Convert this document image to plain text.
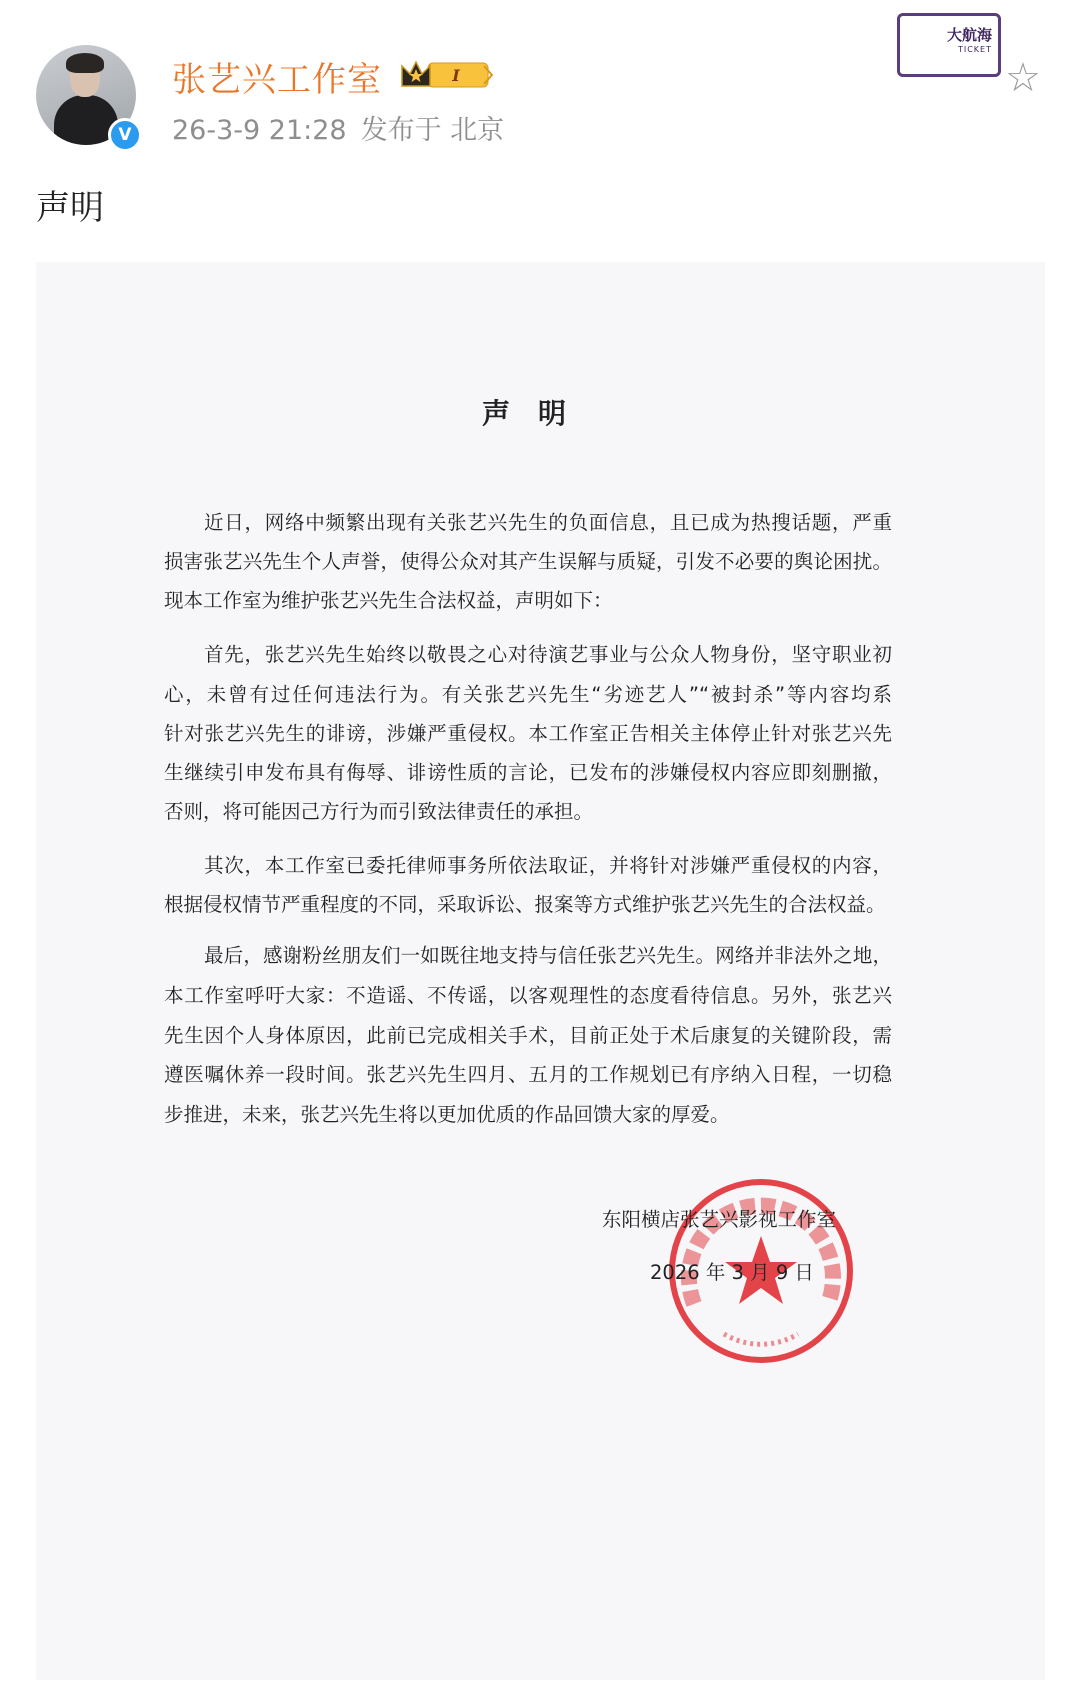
V
张艺兴工作室	I
26-3-9 21:28 发布于 北京
大航海
TICKET
☆
声明
声明
近日，网络中频繁出现有关张艺兴先生的负面信息，且已成为热搜话题，严重
损害张艺兴先生个人声誉，使得公众对其产生误解与质疑，引发不必要的舆论困扰。
现本工作室为维护张艺兴先生合法权益，声明如下：
首先，张艺兴先生始终以敬畏之心对待演艺事业与公众人物身份，坚守职业初
心，未曾有过任何违法行为。有关张艺兴先生“劣迹艺人”“被封杀”等内容均系
针对张艺兴先生的诽谤，涉嫌严重侵权。本工作室正告相关主体停止针对张艺兴先
生继续引申发布具有侮辱、诽谤性质的言论，已发布的涉嫌侵权内容应即刻删撤，
否则，将可能因己方行为而引致法律责任的承担。
其次，本工作室已委托律师事务所依法取证，并将针对涉嫌严重侵权的内容，
根据侵权情节严重程度的不同，采取诉讼、报案等方式维护张艺兴先生的合法权益。
最后，感谢粉丝朋友们一如既往地支持与信任张艺兴先生。网络并非法外之地，
本工作室呼吁大家：不造谣、不传谣，以客观理性的态度看待信息。另外，张艺兴
先生因个人身体原因，此前已完成相关手术，目前正处于术后康复的关键阶段，需
遵医嘱休养一段时间。张艺兴先生四月、五月的工作规划已有序纳入日程，一切稳
步推进，未来，张艺兴先生将以更加优质的作品回馈大家的厚爱。
东阳横店张艺兴影视工作室
2026 年 3 月 9 日
